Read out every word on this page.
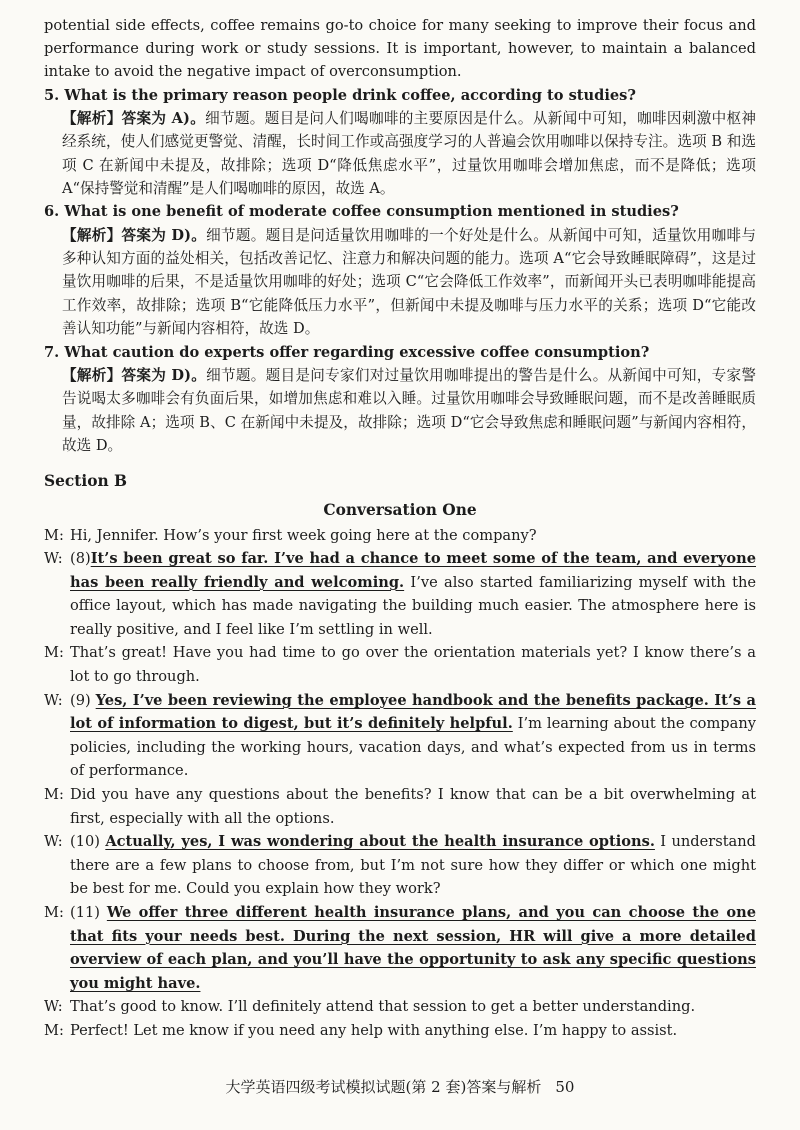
potential side effects, coffee remains go-to choice for many seeking to improve their focus and performance during work or study sessions. It is important, however, to maintain a balanced intake to avoid the negative impact of overconsumption.

5. What is the primary reason people drink coffee, according to studies?

【解析】答案为 A)。细节题。题目是问人们喝咖啡的主要原因是什么。从新闻中可知，咖啡因刺激中枢神经系统，使人们感觉更警觉、清醒，长时间工作或高强度学习的人普遍会饮用咖啡以保持专注。选项 B 和选项 C 在新闻中未提及，故排除；选项 D“降低焦虑水平”，过量饮用咖啡会增加焦虑，而不是降低；选项 A“保持警觉和清醒”是人们喝咖啡的原因，故选 A。

6. What is one benefit of moderate coffee consumption mentioned in studies?

【解析】答案为 D)。细节题。题目是问适量饮用咖啡的一个好处是什么。从新闻中可知，适量饮用咖啡与多种认知方面的益处相关，包括改善记忆、注意力和解决问题的能力。选项 A“它会导致睡眠障碍”，这是过量饮用咖啡的后果，不是适量饮用咖啡的好处；选项 C“它会降低工作效率”，而新闻开头已表明咖啡能提高工作效率，故排除；选项 B“它能降低压力水平”，但新闻中未提及咖啡与压力水平的关系；选项 D“它能改善认知功能”与新闻内容相符，故选 D。

7. What caution do experts offer regarding excessive coffee consumption?

【解析】答案为 D)。细节题。题目是问专家们对过量饮用咖啡提出的警告是什么。从新闻中可知，专家警告说喝太多咖啡会有负面后果，如增加焦虑和难以入睡。过量饮用咖啡会导致睡眠问题，而不是改善睡眠质量，故排除 A；选项 B、C 在新闻中未提及，故排除；选项 D“它会导致焦虑和睡眠问题”与新闻内容相符，故选 D。

Section B

Conversation One

M: Hi, Jennifer. How’s your first week going here at the company?
W: (8)It’s been great so far. I’ve had a chance to meet some of the team, and everyone has been really friendly and welcoming. I’ve also started familiarizing myself with the office layout, which has made navigating the building much easier. The atmosphere here is really positive, and I feel like I’m settling in well.
M: That’s great! Have you had time to go over the orientation materials yet? I know there’s a lot to go through.
W: (9) Yes, I’ve been reviewing the employee handbook and the benefits package. It’s a lot of information to digest, but it’s definitely helpful. I’m learning about the company policies, including the working hours, vacation days, and what’s expected from us in terms of performance.
M: Did you have any questions about the benefits? I know that can be a bit overwhelming at first, especially with all the options.
W: (10) Actually, yes, I was wondering about the health insurance options. I understand there are a few plans to choose from, but I’m not sure how they differ or which one might be best for me. Could you explain how they work?
M: (11) We offer three different health insurance plans, and you can choose the one that fits your needs best. During the next session, HR will give a more detailed overview of each plan, and you’ll have the opportunity to ask any specific questions you might have.
W: That’s good to know. I’ll definitely attend that session to get a better understanding.
M: Perfect! Let me know if you need any help with anything else. I’m happy to assist.
大学英语四级考试模拟试题(第 2 套)答案与解析 50
